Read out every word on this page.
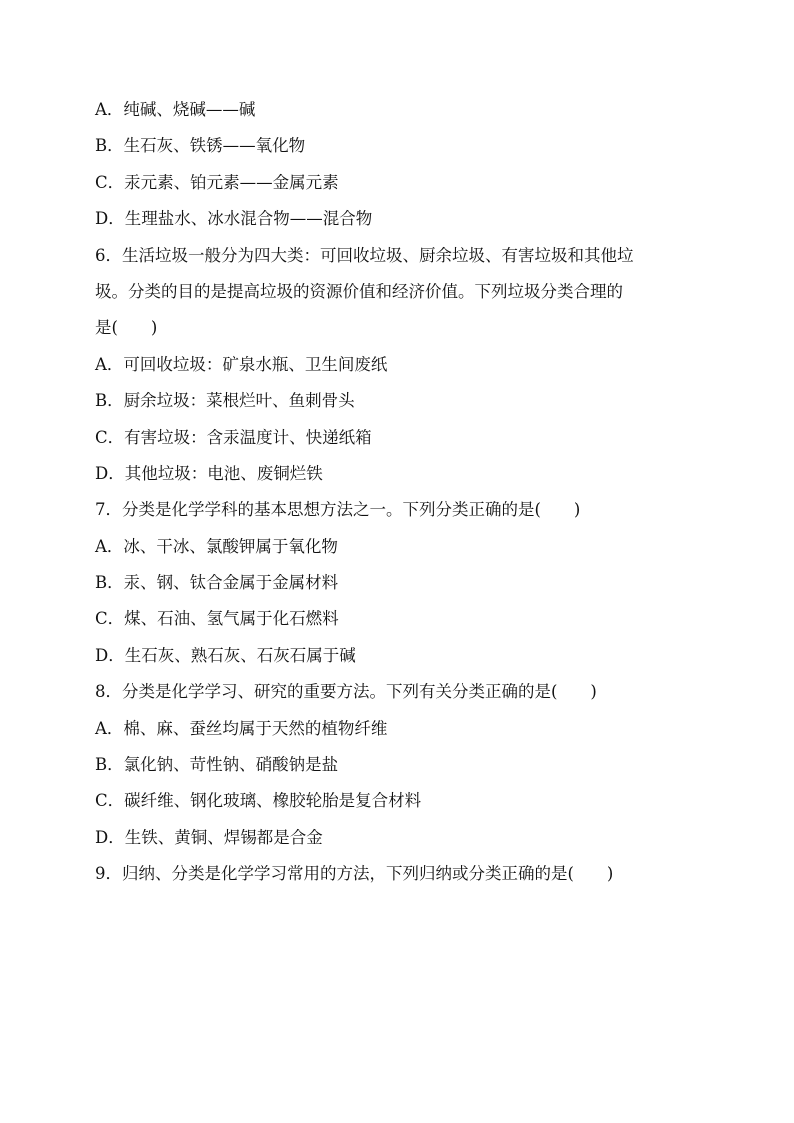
A．纯碱、烧碱——碱

B．生石灰、铁锈——氧化物

C．汞元素、铂元素——金属元素

D．生理盐水、冰水混合物——混合物

6．生活垃圾一般分为四大类：可回收垃圾、厨余垃圾、有害垃圾和其他垃

圾。分类的目的是提高垃圾的资源价值和经济价值。下列垃圾分类合理的

是(　　)

A．可回收垃圾：矿泉水瓶、卫生间废纸

B．厨余垃圾：菜根烂叶、鱼刺骨头

C．有害垃圾：含汞温度计、快递纸箱

D．其他垃圾：电池、废铜烂铁

7．分类是化学学科的基本思想方法之一。下列分类正确的是(　　)

A．冰、干冰、氯酸钾属于氧化物

B．汞、钢、钛合金属于金属材料

C．煤、石油、氢气属于化石燃料

D．生石灰、熟石灰、石灰石属于碱

8．分类是化学学习、研究的重要方法。下列有关分类正确的是(　　)

A．棉、麻、蚕丝均属于天然的植物纤维

B．氯化钠、苛性钠、硝酸钠是盐

C．碳纤维、钢化玻璃、橡胶轮胎是复合材料

D．生铁、黄铜、焊锡都是合金

9．归纳、分类是化学学习常用的方法，下列归纳或分类正确的是(　　)
